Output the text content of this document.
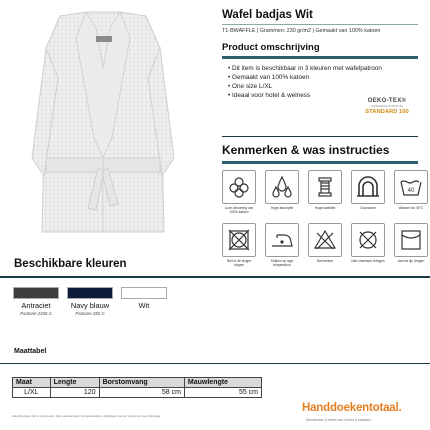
Wafel badjas Wit
T1-BWAFFLE | Grammen: 230 gr/m2 | Gemaakt van 100% katoen
Product omschrijving
• Dit item is beschikbaar in 3 kleuren met wafelpatroon
• Gemaakt van 100% katoen
• One size L/XL
• Ideaal voor hotel & welness
OEKO-TEX®
CONFIDENCE IN TEXTILES
STANDARD 100
Kenmerken & was instructies
Luxe uitvoering van 100% katoen
Hoge absorptie	Hoge kwaliteit	Duurzaam
40
Wassen tot 40°C
Niet in de droger drogen
Strijken op lage temperatuur
Niet bleken	Niet chemisch reinigen	Aan de lijn drogen
Beschikbare kleuren
Antraciet
Pantone 2336 C
Navy blauw
Pantone 282 C
Wit
Maattabel
Maat	Lengte	Borstomvang	Mauwlengte
L/XL	120	58 cm	55 cm
Alle afmetingen zijn in centimeters. Alle maatvoeringen zijn gemiddelden, afwijkingen kunnen voorkomen door fabricage.
Handdoekentotaal.
Handdoeken & textiel voor horeca & bedrijven
